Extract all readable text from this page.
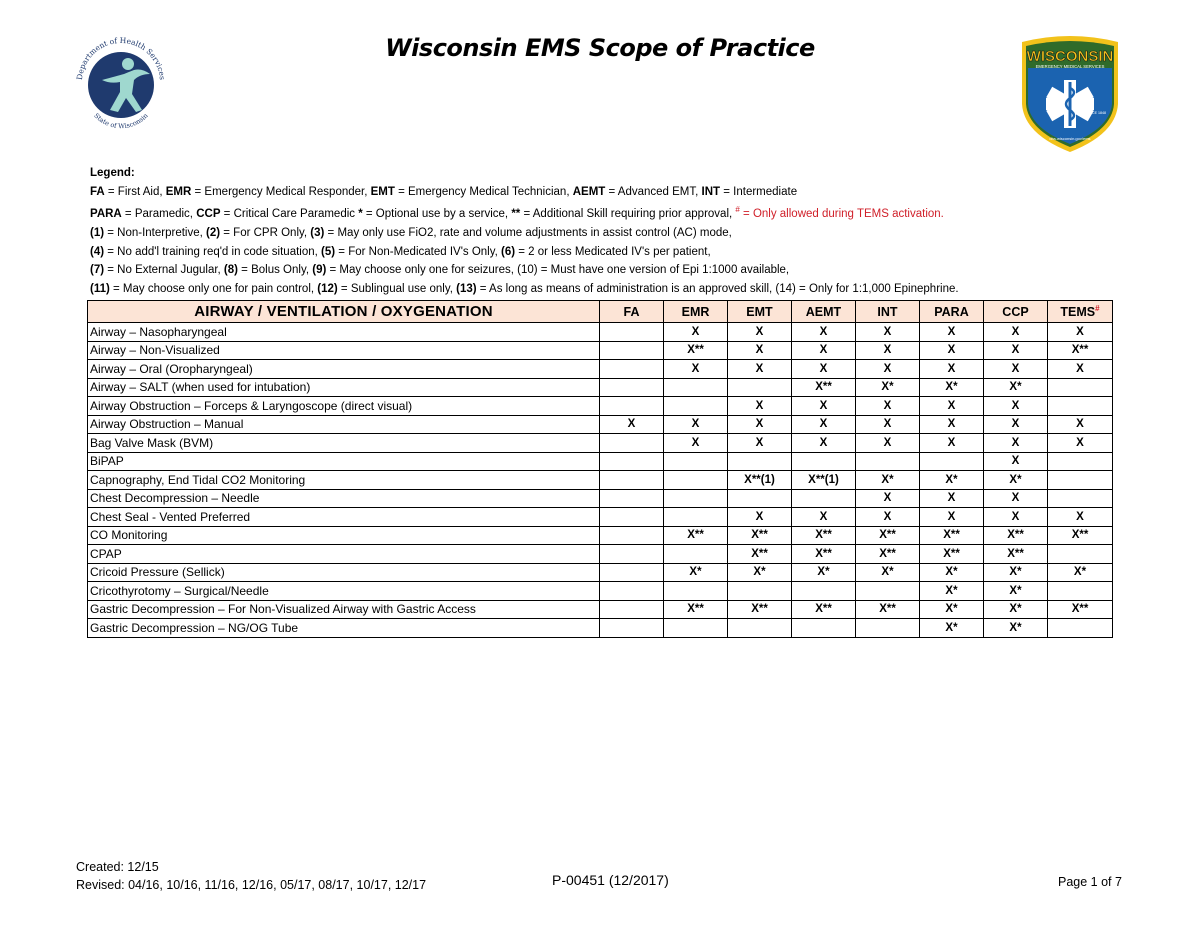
Department of Health Services
State of Wisconsin
Wisconsin EMS Scope of Practice	WISCONSIN
EMERGENCY MEDICAL SERVICES
SINCE 1848
dhs.wisconsin.gov/ems
Legend:
FA = First Aid, EMR = Emergency Medical Responder, EMT = Emergency Medical Technician, AEMT = Advanced EMT, INT = Intermediate
PARA = Paramedic, CCP = Critical Care Paramedic * = Optional use by a service, ** = Additional Skill requiring prior approval, # = Only allowed during TEMS activation.
(1) = Non-Interpretive, (2) = For CPR Only, (3) = May only use FiO2, rate and volume adjustments in assist control (AC) mode,
(4) = No add'l training req'd in code situation, (5) = For Non-Medicated IV's Only, (6) = 2 or less Medicated IV's per patient,
(7) = No External Jugular, (8) = Bolus Only, (9) = May choose only one for seizures, (10) = Must have one version of Epi 1:1000 available,
(11) = May choose only one for pain control, (12) = Sublingual use only, (13) = As long as means of administration is an approved skill, (14) = Only for 1:1,000 Epinephrine.
AIRWAY / VENTILATION / OXYGENATION	FA	EMR	EMT	AEMT	INT	PARA	CCP	TEMS#
Airway – Nasopharyngeal		X	X	X	X	X	X	X
Airway – Non-Visualized		X**	X	X	X	X	X	X**
Airway – Oral (Oropharyngeal)		X	X	X	X	X	X	X
Airway – SALT (when used for intubation)				X**	X*	X*	X*	
Airway Obstruction – Forceps & Laryngoscope (direct visual)			X	X	X	X	X	
Airway Obstruction – Manual	X	X	X	X	X	X	X	X
Bag Valve Mask (BVM)		X	X	X	X	X	X	X
BiPAP							X	
Capnography, End Tidal CO2 Monitoring			X**(1)	X**(1)	X*	X*	X*	
Chest Decompression – Needle					X	X	X	
Chest Seal - Vented Preferred			X	X	X	X	X	X
CO Monitoring		X**	X**	X**	X**	X**	X**	X**
CPAP			X**	X**	X**	X**	X**	
Cricoid Pressure (Sellick)		X*	X*	X*	X*	X*	X*	X*
Cricothyrotomy – Surgical/Needle						X*	X*	
Gastric Decompression – For Non-Visualized Airway with Gastric Access		X**	X**	X**	X**	X*	X*	X**
Gastric Decompression – NG/OG Tube						X*	X*	
Created: 12/15
Revised: 04/16, 10/16, 11/16, 12/16, 05/17, 08/17, 10/17, 12/17	P-00451 (12/2017)	Page 1 of 7
